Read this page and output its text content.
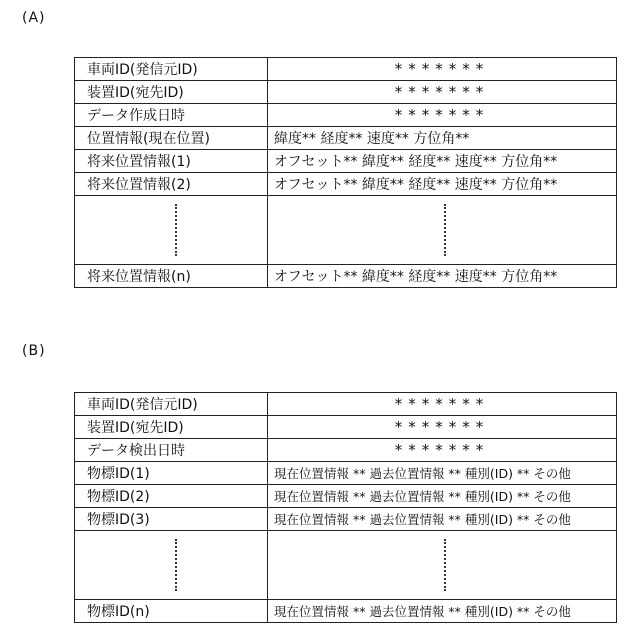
(A)
車両ID(発信元ID)	*******
装置ID(宛先ID)	*******
データ作成日時	*******
位置情報(現在位置)	緯度** 経度** 速度** 方位角**
将来位置情報(1)	オフセット** 緯度** 経度** 速度** 方位角**
将来位置情報(2)	オフセット** 緯度** 経度** 速度** 方位角**

将来位置情報(n)	オフセット** 緯度** 経度** 速度** 方位角**
(B)
車両ID(発信元ID)	*******
装置ID(宛先ID)	*******
データ検出日時	*******
物標ID(1)	現在位置情報 ** 過去位置情報 ** 種別(ID) ** その他
物標ID(2)	現在位置情報 ** 過去位置情報 ** 種別(ID) ** その他
物標ID(3)	現在位置情報 ** 過去位置情報 ** 種別(ID) ** その他

物標ID(n)	現在位置情報 ** 過去位置情報 ** 種別(ID) ** その他
